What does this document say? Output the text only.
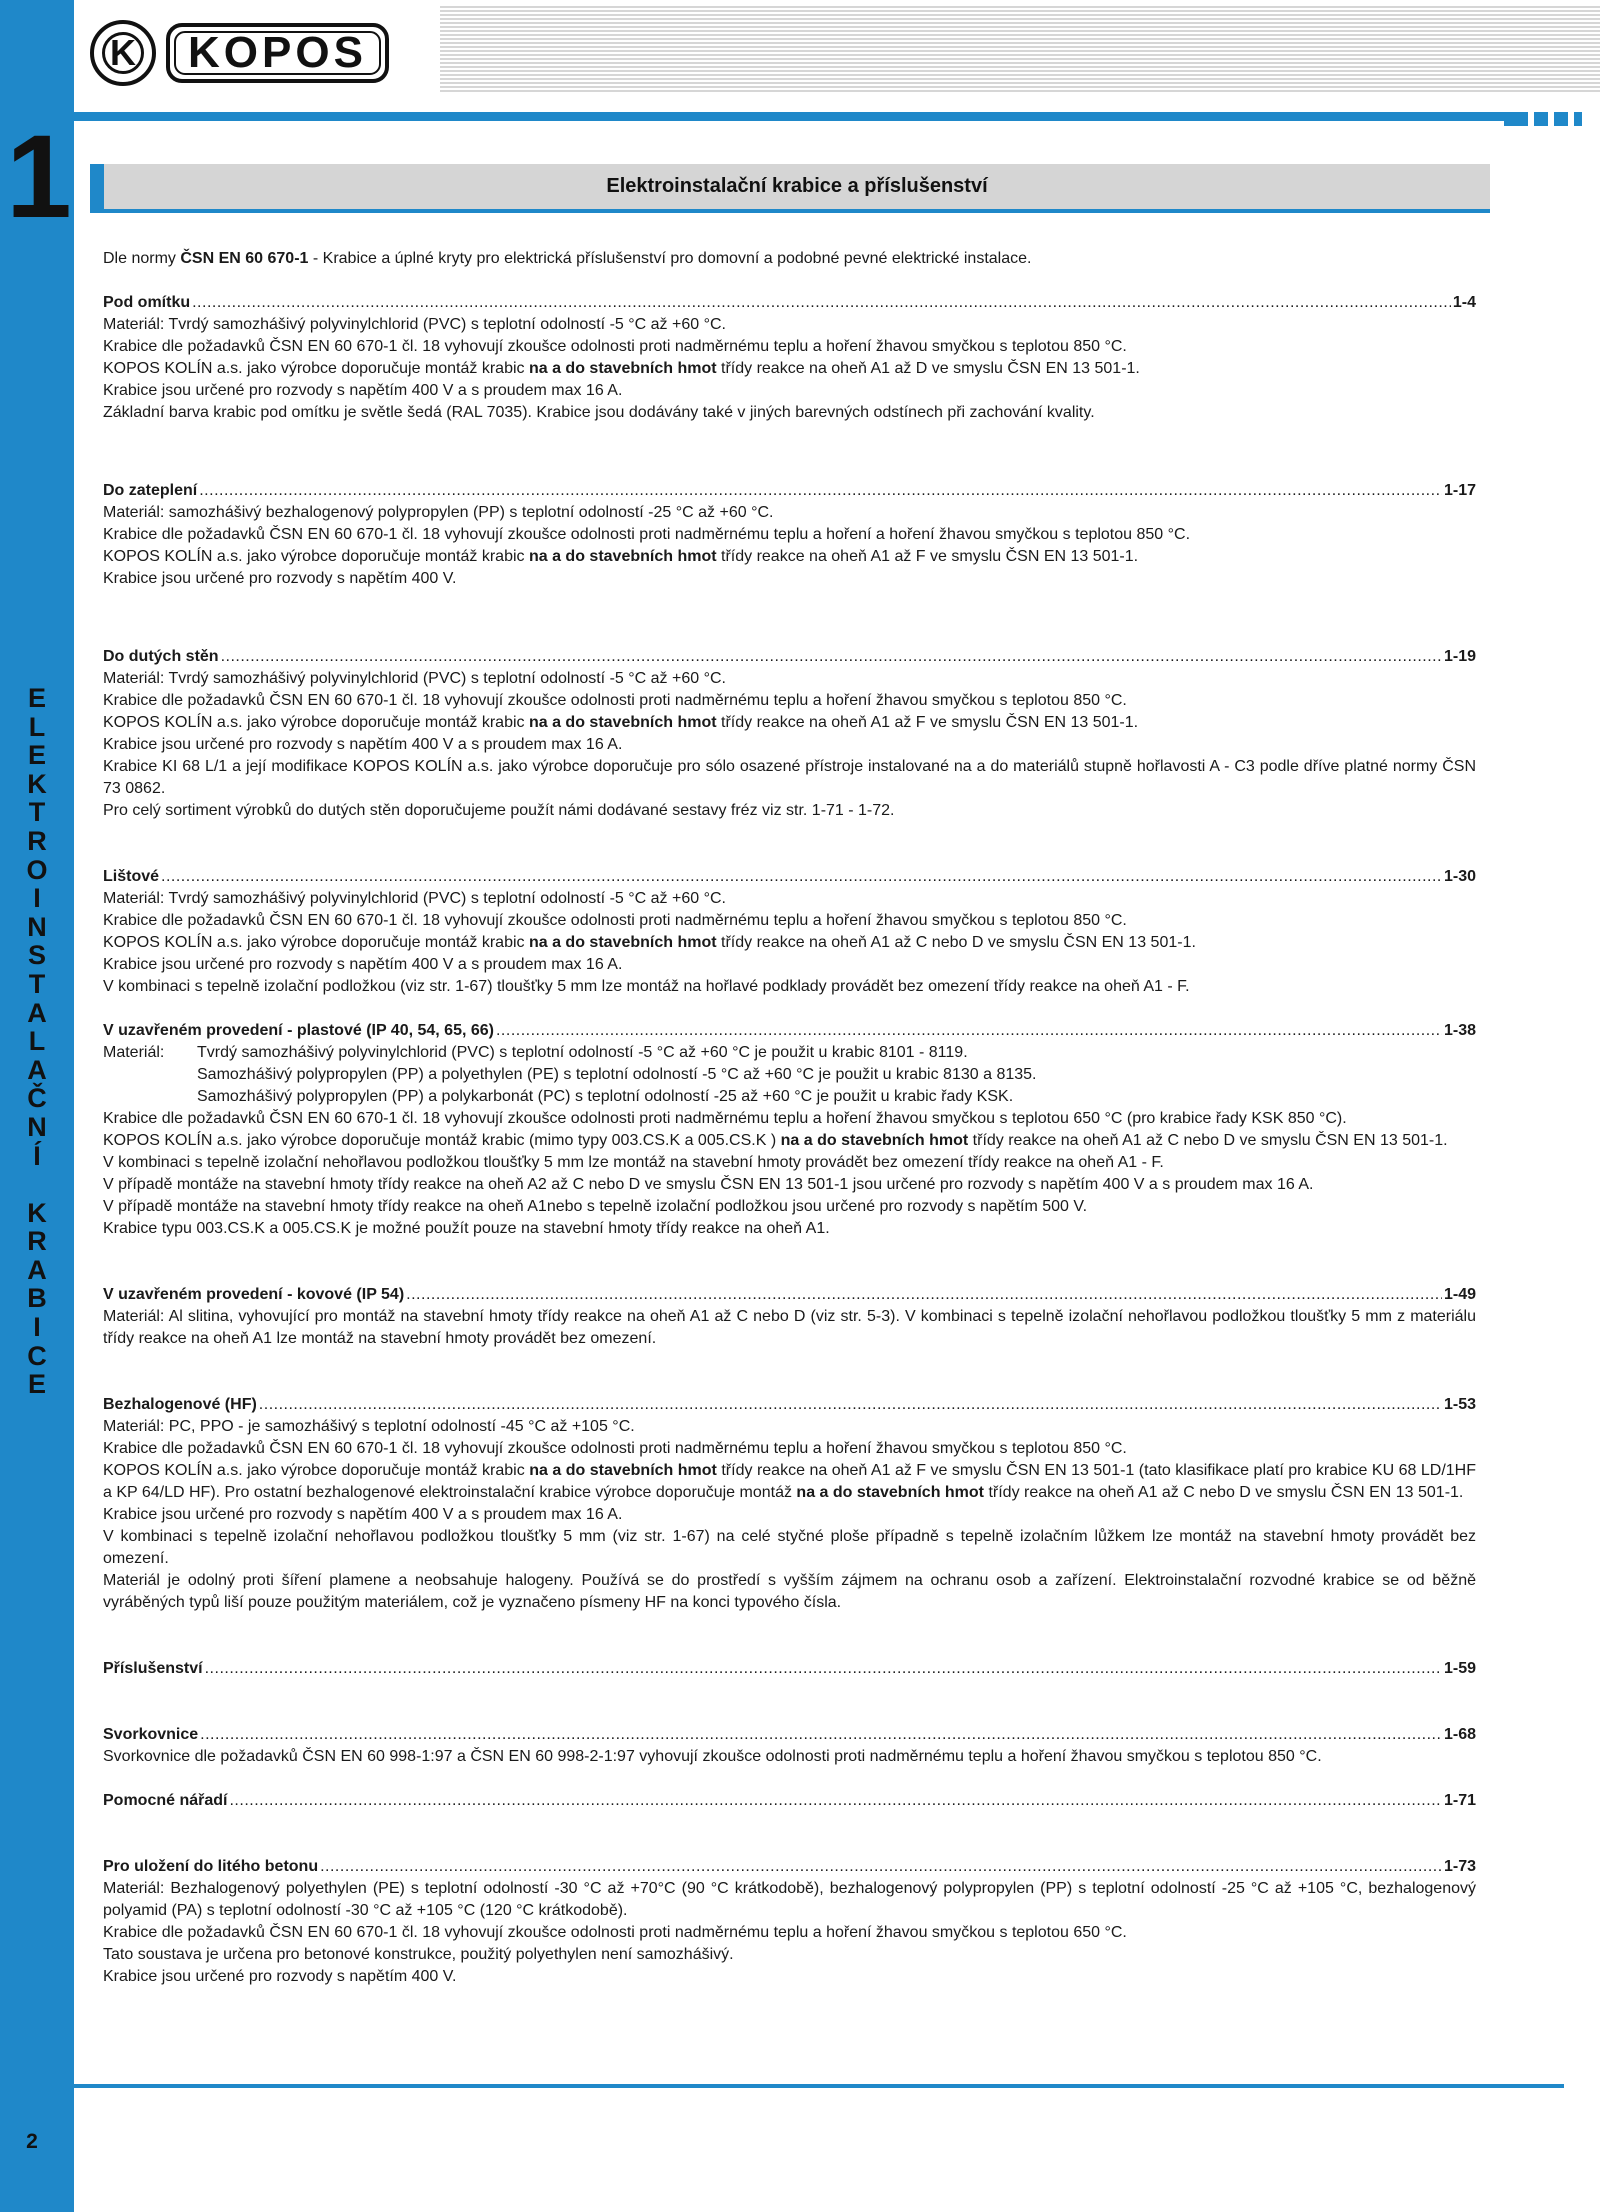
1
E
L
E
K
T
R
O
I
N
S
T
A
L
A
Č
N
Í
K
R
A
B
I
C
E
2
K	KOPOS
Elektroinstalační krabice a příslušenství

Dle normy ČSN EN 60 670-1 - Krabice a úplné kryty pro elektrická příslušenství pro domovní a podobné pevné elektrické instalace.

Pod omítku .....	1-4

Materiál: Tvrdý samozhášivý polyvinylchlorid (PVC) s teplotní odolností -5 °C až +60 °C.

Krabice dle požadavků ČSN EN 60 670-1 čl. 18 vyhovují zkoušce odolnosti proti nadměrnému teplu a hoření žhavou smyčkou s teplotou 850 °C.

KOPOS KOLÍN a.s. jako výrobce doporučuje montáž krabic na a do stavebních hmot třídy reakce na oheň A1 až D ve smyslu ČSN EN 13 501-1.

Krabice jsou určené pro rozvody s napětím 400 V a s proudem max 16 A.

Základní barva krabic pod omítku je světle šedá (RAL 7035). Krabice jsou dodávány také v jiných barevných odstínech při zachování kvality.

Do zateplení .....	1-17

Materiál: samozhášivý bezhalogenový polypropylen (PP) s teplotní odolností -25 °C až +60 °C.

Krabice dle požadavků ČSN EN 60 670-1 čl. 18 vyhovují zkoušce odolnosti proti nadměrnému teplu a hoření a hoření žhavou smyčkou s teplotou 850 °C.

KOPOS KOLÍN a.s. jako výrobce doporučuje montáž krabic na a do stavebních hmot třídy reakce na oheň A1 až F ve smyslu ČSN EN 13 501-1.

Krabice jsou určené pro rozvody s napětím 400 V.

Do dutých stěn .....	1-19

Materiál: Tvrdý samozhášivý polyvinylchlorid (PVC) s teplotní odolností -5 °C až +60 °C.

Krabice dle požadavků ČSN EN 60 670-1 čl. 18 vyhovují zkoušce odolnosti proti nadměrnému teplu a hoření žhavou smyčkou s teplotou 850 °C.

KOPOS KOLÍN a.s. jako výrobce doporučuje montáž krabic na a do stavebních hmot třídy reakce na oheň A1 až F ve smyslu ČSN EN 13 501-1.

Krabice jsou určené pro rozvody s napětím 400 V a s proudem max 16 A.

Krabice KI 68 L/1 a její modifikace KOPOS KOLÍN a.s. jako výrobce doporučuje pro sólo osazené přístroje instalované na a do materiálů stupně hořlavosti A - C3 podle dřívе platné normy ČSN 73 0862.

Pro celý sortiment výrobků do dutých stěn doporučujeme použít námi dodávané sestavy fréz viz str. 1-71 - 1-72.

Lištové .....	1-30

Materiál: Tvrdý samozhášivý polyvinylchlorid (PVC) s teplotní odolností -5 °C až +60 °C.

Krabice dle požadavků ČSN EN 60 670-1 čl. 18 vyhovují zkoušce odolnosti proti nadměrnému teplu a hoření žhavou smyčkou s teplotou 850 °C.

KOPOS KOLÍN a.s. jako výrobce doporučuje montáž krabic na a do stavebních hmot třídy reakce na oheň A1 až C nebo D ve smyslu ČSN EN 13 501-1.

Krabice jsou určené pro rozvody s napětím 400 V a s proudem max 16 A.

V kombinaci s tepelně izolační podložkou (viz str. 1-67) tloušťky 5 mm lze montáž na hořlavé podklady provádět bez omezení třídy reakce na oheň A1 - F.

V uzavřeném provedení - plastové (IP 40, 54, 65, 66) .....	1-38
Materiál:	Tvrdý samozhášivý polyvinylchlorid (PVC) s teplotní odolností -5 °C až +60 °C je použit u krabic 8101 - 8119.

Samozhášivý polypropylen (PP) a polyethylen (PE) s teplotní odolností -5 °C až +60 °C je použit u krabic 8130 a 8135.

Samozhášivý polypropylen (PP) a polykarbonát (PC) s teplotní odolností -25 až +60 °C je použit u krabic řady KSK.

Krabice dle požadavků ČSN EN 60 670-1 čl. 18 vyhovují zkoušce odolnosti proti nadměrnému teplu a hoření žhavou smyčkou s teplotou 650 °C (pro krabice řady KSK 850 °C).

KOPOS KOLÍN a.s. jako výrobce doporučuje montáž krabic (mimo typy 003.CS.K a 005.CS.K ) na a do stavebních hmot třídy reakce na oheň A1 až C nebo D ve smyslu ČSN EN 13 501-1.

V kombinaci s tepelně izolační nehořlavou podložkou tloušťky 5 mm lze montáž na stavební hmoty provádět bez omezení třídy reakce na oheň A1 - F.

V případě montáže na stavební hmoty třídy reakce na oheň A2 až C nebo D ve smyslu ČSN EN 13 501-1 jsou určené pro rozvody s napětím 400 V a s proudem max 16 A.

V případě montáže na stavební hmoty třídy reakce na oheň A1nebo s tepelně izolační podložkou jsou určené pro rozvody s napětím 500 V.

Krabice typu 003.CS.K a 005.CS.K je možné použít pouze na stavební hmoty třídy reakce na oheň A1.

V uzavřeném provedení - kovové (IP 54) .....	1-49

Materiál: Al slitina, vyhovující pro montáž na stavební hmoty třídy reakce na oheň A1 až C nebo D (viz str. 5-3). V kombinaci s tepelně izolační nehořlavou podložkou tloušťky 5 mm z materiálu třídy reakce na oheň A1 lze montáž na stavební hmoty provádět bez omezení.

Bezhalogenové (HF) .....	1-53

Materiál: PC, PPO - je samozhášivý s teplotní odolností -45 °C až +105 °C.

Krabice dle požadavků ČSN EN 60 670-1 čl. 18 vyhovují zkoušce odolnosti proti nadměrnému teplu a hoření žhavou smyčkou s teplotou 850 °C.

KOPOS KOLÍN a.s. jako výrobce doporučuje montáž krabic na a do stavebních hmot třídy reakce na oheň A1 až F ve smyslu ČSN EN 13 501-1 (tato klasifikace platí pro krabice KU 68 LD/1HF a KP 64/LD HF). Pro ostatní bezhalogenové elektroinstalační krabice výrobce doporučuje montáž na a do stavebních hmot třídy reakce na oheň A1 až C nebo D ve smyslu ČSN EN 13 501-1.

Krabice jsou určené pro rozvody s napětím 400 V a s proudem max 16 A.

V kombinaci s tepelně izolační nehořlavou podložkou tloušťky 5 mm (viz str. 1-67) na celé styčné ploše případně s tepelně izolačním lůžkem lze montáž na stavební hmoty provádět bez omezení.

Materiál je odolný proti šíření plamene a neobsahuje halogeny. Používá se do prostředí s vyšším zájmem na ochranu osob a zařízení. Elektroinstalační rozvodné krabice se od běžně vyráběných typů liší pouze použitým materiálem, což je vyznačeno písmeny HF na konci typového čísla.

Příslušenství .....	1-59
Svorkovnice .....	1-68

Svorkovnice dle požadavků ČSN EN 60 998-1:97 a ČSN EN 60 998-2-1:97 vyhovují zkoušce odolnosti proti nadměrnému teplu a hoření žhavou smyčkou s teplotou 850 °C.

Pomocné nářadí .....	1-71
Pro uložení do litého betonu .....	1-73

Materiál: Bezhalogenový polyethylen (PE) s teplotní odolností -30 °C až +70°C (90 °C krátkodobě), bezhalogenový polypropylen (PP) s teplotní odolností -25 °C až +105 °C, bezhalogenový polyamid (PA) s teplotní odolností -30 °C až +105 °C (120 °C krátkodobě).

Krabice dle požadavků ČSN EN 60 670-1 čl. 18 vyhovují zkoušce odolnosti proti nadměrnému teplu a hoření žhavou smyčkou s teplotou 650 °C.

Tato soustava je určena pro betonové konstrukce, použitý polyethylen není samozhášivý.

Krabice jsou určené pro rozvody s napětím 400 V.
